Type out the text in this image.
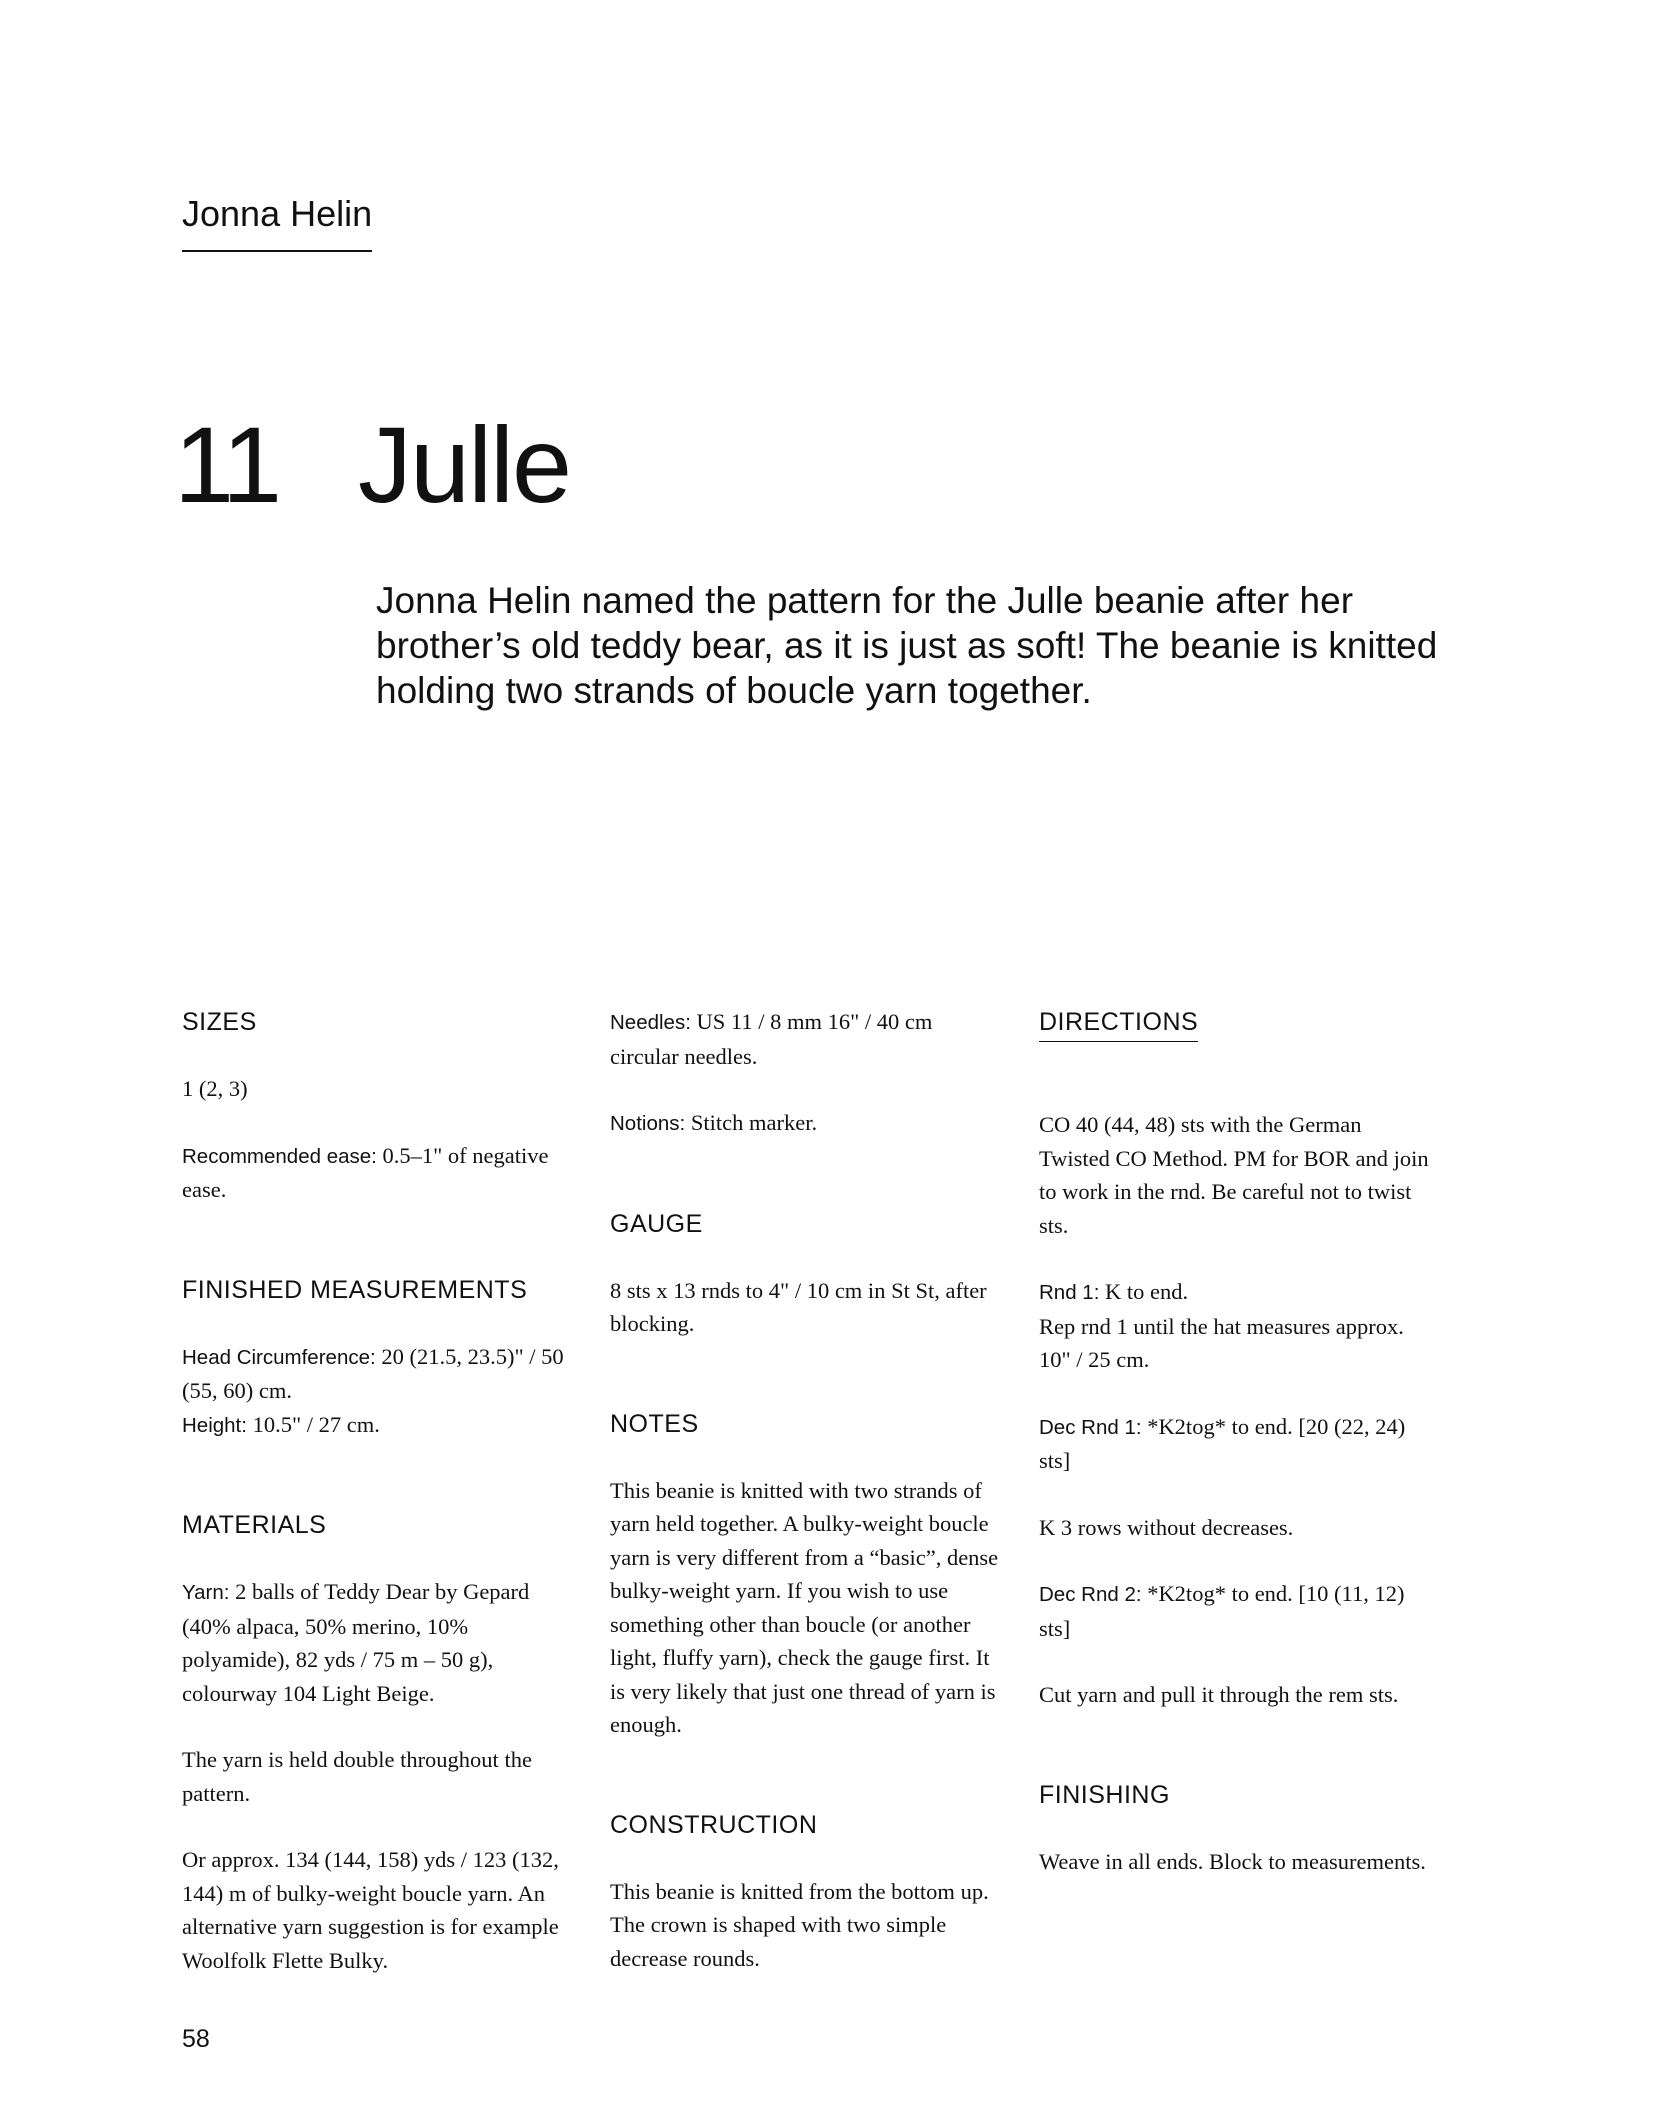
Jonna Helin
11 Julle

Jonna Helin named the pattern for the Julle beanie after her brother’s old teddy bear, as it is just as soft! The beanie is knitted holding two strands of boucle yarn together.

SIZES

1 (2, 3)

Recommended ease: 0.5–1" of negative ease.

FINISHED MEASUREMENTS

Head Circumference: 20 (21.5, 23.5)" / 50 (55, 60) cm.

Height: 10.5" / 27 cm.

MATERIALS

Yarn: 2 balls of Teddy Dear by Gepard (40% alpaca, 50% merino, 10% polyamide), 82 yds / 75 m – 50 g), colourway 104 Light Beige.

The yarn is held double throughout the pattern.

Or approx. 134 (144, 158) yds / 123 (132, 144) m of bulky-weight boucle yarn. An alternative yarn suggestion is for example Woolfolk Flette Bulky.

Needles: US 11 / 8 mm 16" / 40 cm circular needles.

Notions: Stitch marker.

GAUGE

8 sts x 13 rnds to 4" / 10 cm in St St, after blocking.

NOTES

This beanie is knitted with two strands of yarn held together. A bulky-weight boucle yarn is very different from a “basic”, dense bulky-weight yarn. If you wish to use something other than boucle (or another light, fluffy yarn), check the gauge first. It is very likely that just one thread of yarn is enough.

CONSTRUCTION

This beanie is knitted from the bottom up. The crown is shaped with two simple decrease rounds.

DIRECTIONS

CO 40 (44, 48) sts with the German Twisted CO Method. PM for BOR and join to work in the rnd. Be careful not to twist sts.

Rnd 1: K to end.

Rep rnd 1 until the hat measures approx. 10" / 25 cm.

Dec Rnd 1: *K2tog* to end. [20 (22, 24) sts]

K 3 rows without decreases.

Dec Rnd 2: *K2tog* to end. [10 (11, 12) sts]

Cut yarn and pull it through the rem sts.

FINISHING

Weave in all ends. Block to measurements.

58
